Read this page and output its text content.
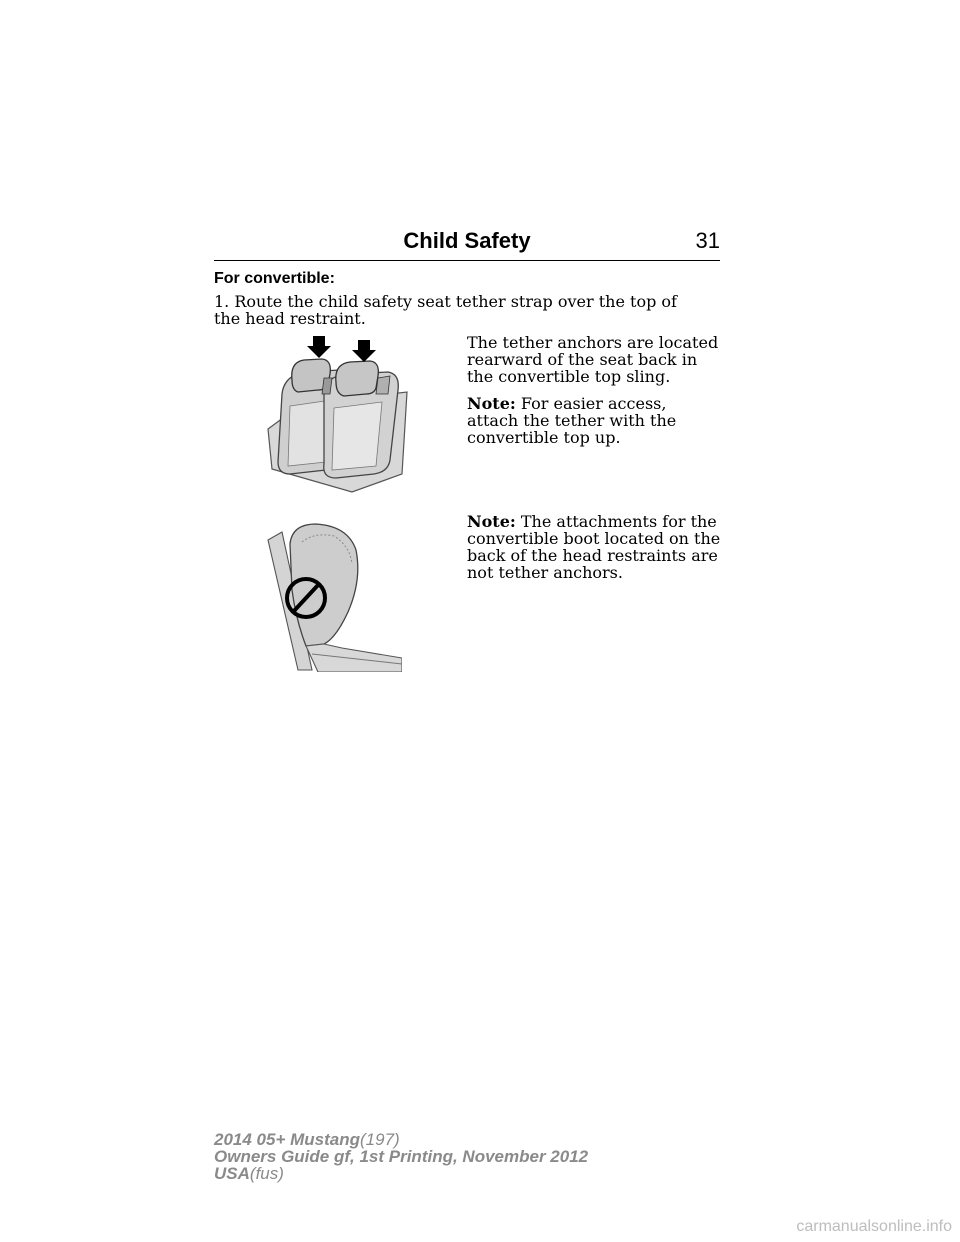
Child Safety	31
For convertible:
1. Route the child safety seat tether strap over the top of the head restraint.

The tether anchors are located rearward of the seat back in the convertible top sling.

Note: For easier access, attach the tether with the convertible top up.

Note: The attachments for the convertible boot located on the back of the head restraints are not tether anchors.

2014 05+ Mustang(197)
Owners Guide gf, 1st Printing, November 2012
USA(fus)
carmanualsonline.info
